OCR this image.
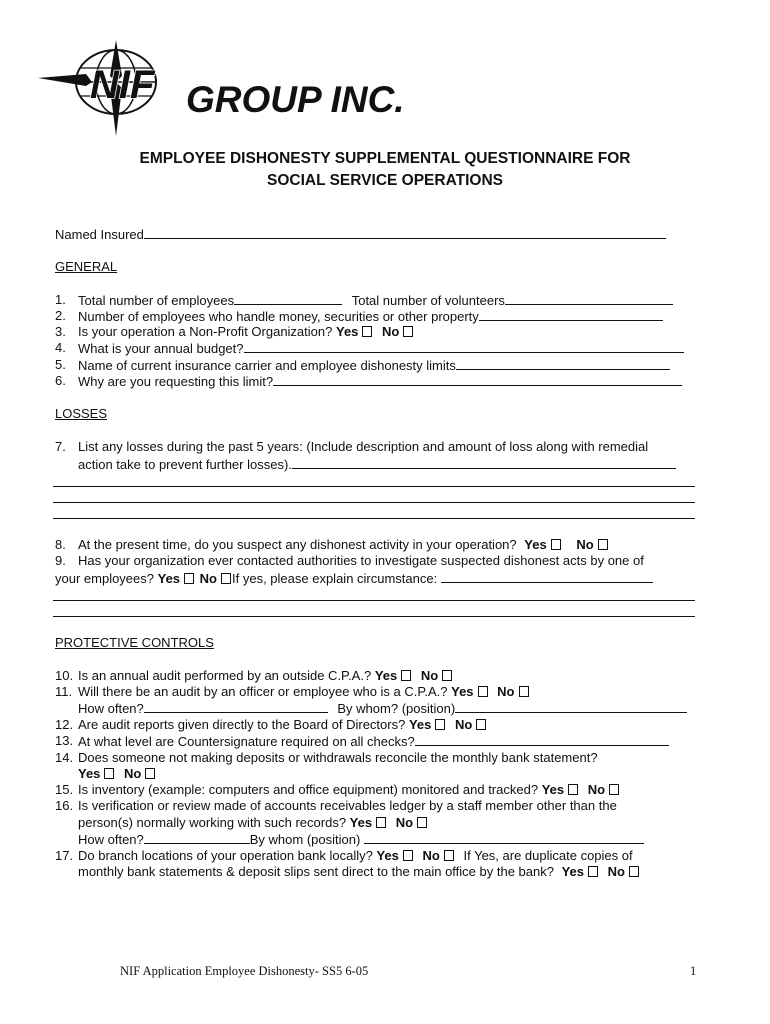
NIF GROUP INC.
EMPLOYEE DISHONESTY SUPPLEMENTAL QUESTIONNAIRE FOR
SOCIAL SERVICE OPERATIONS
Named Insured
GENERAL
1. Total number of employees	Total number of volunteers
2. Number of employees who handle money, securities or other property
3. Is your operation a Non-Profit Organization? Yes No
4. What is your annual budget?
5. Name of current insurance carrier and employee dishonesty limits
6. Why are you requesting this limit?
LOSSES
7. List any losses during the past 5 years: (Include description and amount of loss along with remedial
action take to prevent further losses).
8. At the present time, do you suspect any dishonest activity in your operation? Yes No
9. Has your organization ever contacted authorities to investigate suspected dishonest acts by one of
your employees? Yes No If yes, please explain circumstance:
PROTECTIVE CONTROLS
10. Is an annual audit performed by an outside C.P.A.? Yes No
11. Will there be an audit by an officer or employee who is a C.P.A.? Yes No
How often?	By whom? (position)
12. Are audit reports given directly to the Board of Directors? Yes No
13. At what level are Countersignature required on all checks?
14. Does someone not making deposits or withdrawals reconcile the monthly bank statement?
Yes No
15. Is inventory (example: computers and office equipment) monitored and tracked? Yes No
16. Is verification or review made of accounts receivables ledger by a staff member other than the
person(s) normally working with such records? Yes No
How often?	By whom (position)
17. Do branch locations of your operation bank locally? Yes No If Yes, are duplicate copies of
monthly bank statements & deposit slips sent direct to the main office by the bank? Yes No
NIF Application Employee Dishonesty- SS5 6-05	1
